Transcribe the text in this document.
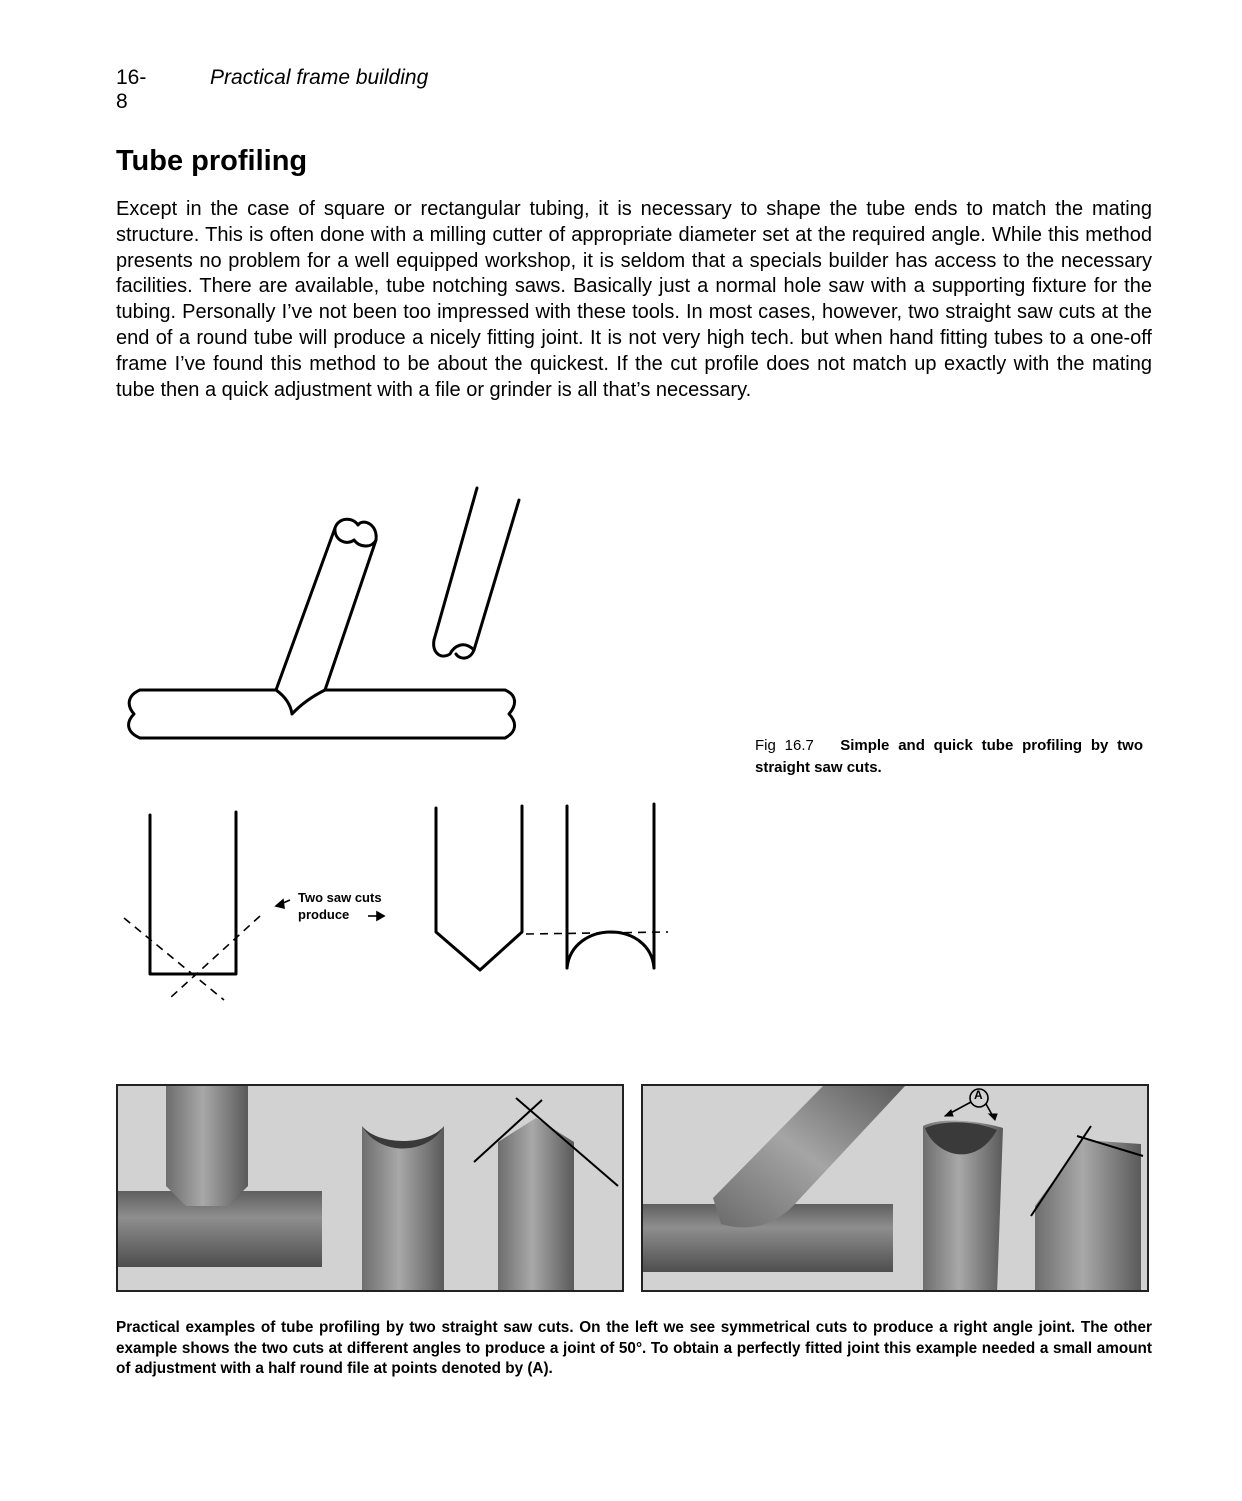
16-8
Practical frame building
Tube profiling
Except in the case of square or rectangular tubing, it is necessary to shape the tube ends to match the mating structure. This is often done with a milling cutter of appropriate diameter set at the required angle. While this method presents no problem for a well equipped workshop, it is seldom that a specials builder has access to the necessary facilities. There are available, tube notching saws. Basically just a normal hole saw with a supporting fixture for the tubing. Personally I’ve not been too impressed with these tools. In most cases, however, two straight saw cuts at the end of a round tube will produce a nicely fitting joint. It is not very high tech. but when hand fitting tubes to a one-off frame I’ve found this method to be about the quickest. If the cut profile does not match up exactly with the mating tube then a quick adjustment with a file or grinder is all that’s necessary.
Two saw cuts
produce
Fig 16.7 Simple and quick tube profiling by two straight saw cuts.
A
Practical examples of tube profiling by two straight saw cuts. On the left we see symmetrical cuts to produce a right angle joint. The other example shows the two cuts at different angles to produce a joint of 50°. To obtain a perfectly fitted joint this example needed a small amount of adjustment with a half round file at points denoted by (A).
